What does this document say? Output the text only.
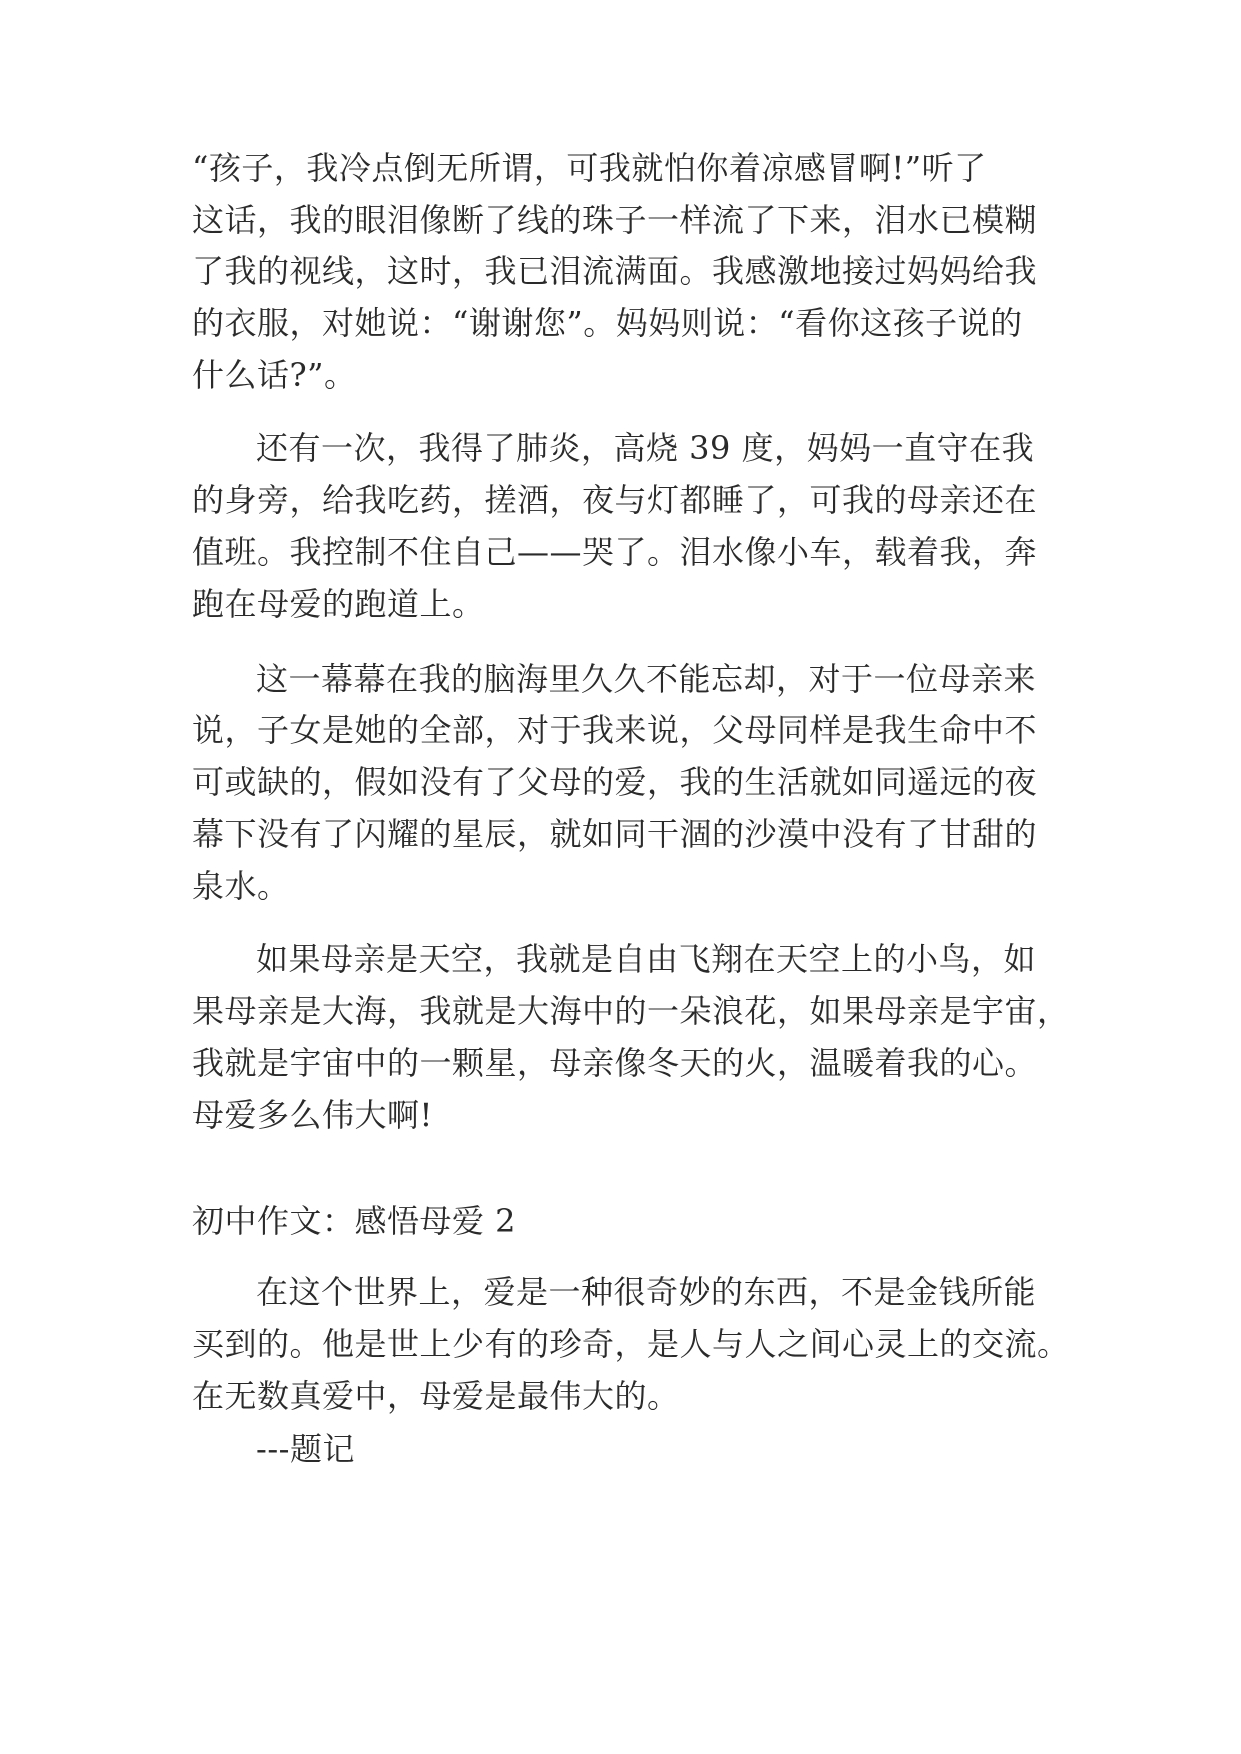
“孩子，我冷点倒无所谓，可我就怕你着凉感冒啊!”听了
这话，我的眼泪像断了线的珠子一样流了下来，泪水已模糊
了我的视线，这时，我已泪流满面。我感激地接过妈妈给我
的衣服，对她说：“谢谢您”。妈妈则说：“看你这孩子说的
什么话?”。
还有一次，我得了肺炎，高烧 39 度，妈妈一直守在我
的身旁，给我吃药，搓酒，夜与灯都睡了，可我的母亲还在
值班。我控制不住自己——哭了。泪水像小车，载着我，奔
跑在母爱的跑道上。
这一幕幕在我的脑海里久久不能忘却，对于一位母亲来
说，子女是她的全部，对于我来说，父母同样是我生命中不
可或缺的，假如没有了父母的爱，我的生活就如同遥远的夜
幕下没有了闪耀的星辰，就如同干涸的沙漠中没有了甘甜的
泉水。
如果母亲是天空，我就是自由飞翔在天空上的小鸟，如
果母亲是大海，我就是大海中的一朵浪花，如果母亲是宇宙，
我就是宇宙中的一颗星，母亲像冬天的火，温暖着我的心。
母爱多么伟大啊!
初中作文：感悟母爱 2
在这个世界上，爱是一种很奇妙的东西，不是金钱所能
买到的。他是世上少有的珍奇，是人与人之间心灵上的交流。
在无数真爱中，母爱是最伟大的。
---题记
